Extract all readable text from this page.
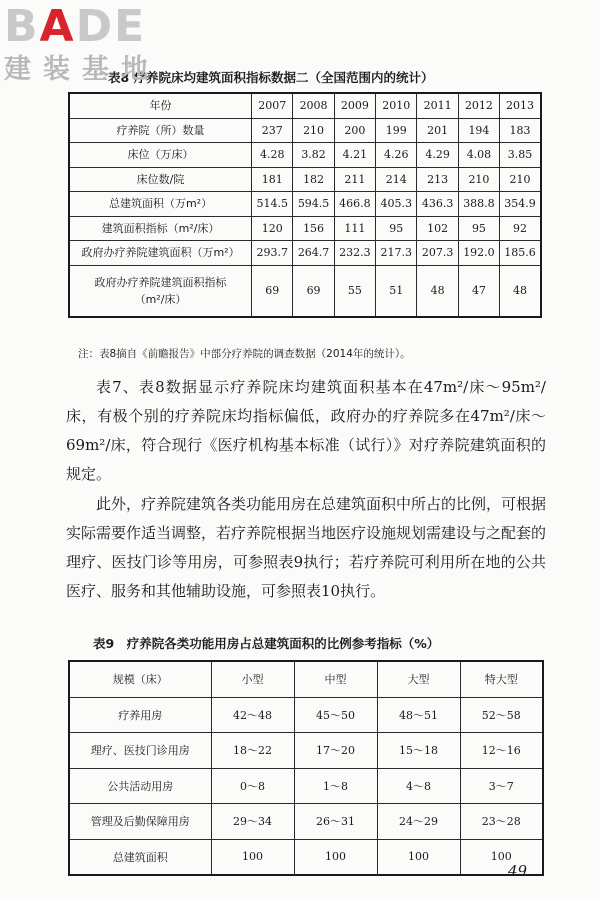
BADE
建装基地
表8 疗养院床均建筑面积指标数据二（全国范围内的统计）
年份	2007	2008	2009	2010	2011	2012	2013
疗养院（所）数量	237	210	200	199	201	194	183
床位（万床）	4.28	3.82	4.21	4.26	4.29	4.08	3.85
床位数/院	181	182	211	214	213	210	210
总建筑面积（万m²）	514.5	594.5	466.8	405.3	436.3	388.8	354.9
建筑面积指标（m²/床）	120	156	111	95	102	95	92
政府办疗养院建筑面积（万m²）	293.7	264.7	232.3	217.3	207.3	192.0	185.6
政府办疗养院建筑面积指标
（m²/床）	69	69	55	51	48	47	48
注：表8摘自《前瞻报告》中部分疗养院的调查数据（2014年的统计）。

表7、表8数据显示疗养院床均建筑面积基本在47m²/床～95m²/床，有极个别的疗养院床均指标偏低，政府办的疗养院多在47m²/床～69m²/床，符合现行《医疗机构基本标准（试行）》对疗养院建筑面积的规定。

此外，疗养院建筑各类功能用房在总建筑面积中所占的比例，可根据实际需要作适当调整，若疗养院根据当地医疗设施规划需建设与之配套的理疗、医技门诊等用房，可参照表9执行；若疗养院可利用所在地的公共医疗、服务和其他辅助设施，可参照表10执行。

表9　疗养院各类功能用房占总建筑面积的比例参考指标（%）
规模（床）	小型	中型	大型	特大型
疗养用房	42～48	45～50	48～51	52～58
理疗、医技门诊用房	18～22	17～20	15～18	12～16
公共活动用房	0～8	1～8	4～8	3～7
管理及后勤保障用房	29～34	26～31	24～29	23～28
总建筑面积	100	100	100	100
49
